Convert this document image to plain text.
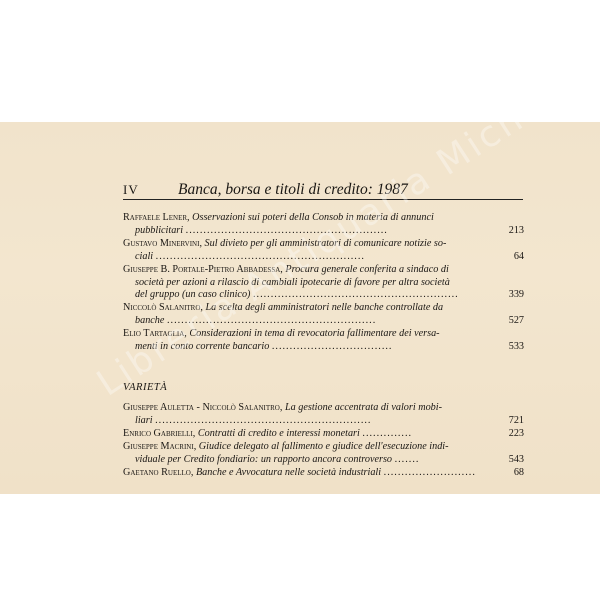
IV	Banca, borsa e titoli di credito: 1987
Raffaele Lener, Osservazioni sui poteri della Consob in materia di annunci
pubblicitari .........................................................	213
Gustavo Minervini, Sul divieto per gli amministratori di comunicare notizie so-
ciali ...........................................................	64
Giuseppe B. Portale-Pietro Abbadessa, Procura generale conferita a sindaco di
società per azioni a rilascio di cambiali ipotecarie di favore per altra società
del gruppo (un caso clinico) ..........................................................	339
Niccolò Salanitro, La scelta degli amministratori nelle banche controllate da
banche ...........................................................	527
Elio Tartaglia, Considerazioni in tema di revocatoria fallimentare dei versa-
menti in conto corrente bancario ..................................	533
VARIETÀ
Giuseppe Auletta - Niccolò Salanitro, La gestione accentrata di valori mobi-
liari .............................................................	721
Enrico Gabrielli, Contratti di credito e interessi monetari ..............	223
Giuseppe Macrini, Giudice delegato al fallimento e giudice dell'esecuzione indi-
viduale per Credito fondiario: un rapporto ancora controverso .......	543
Gaetano Ruello, Banche e Avvocatura nelle società industriali ..........................	68
